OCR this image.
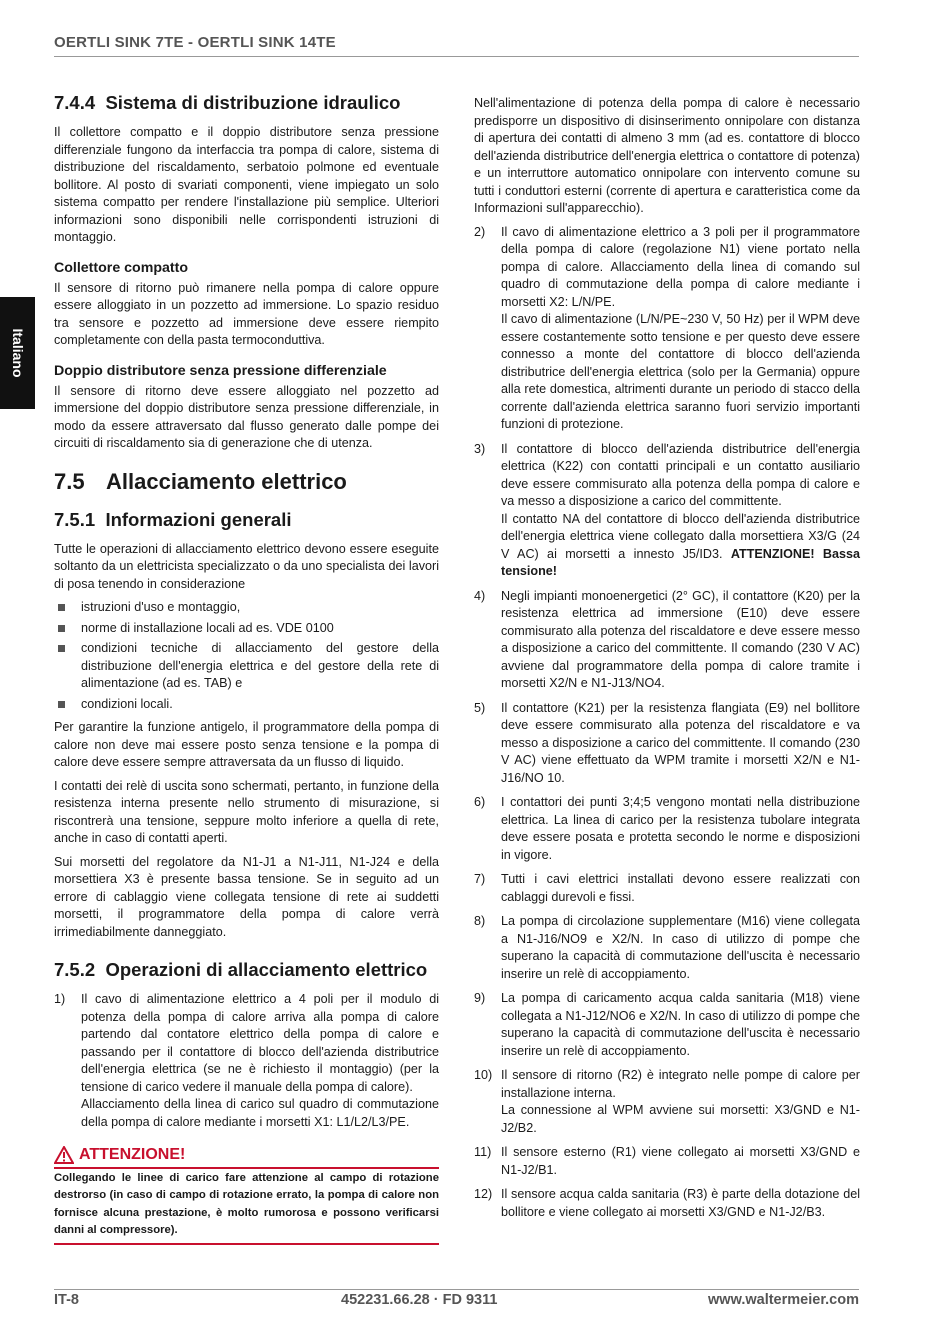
OERTLI SINK 7TE - OERTLI SINK 14TE
Italiano
7.4.4 Sistema di distribuzione idraulico

Il collettore compatto e il doppio distributore senza pressione differenziale fungono da interfaccia tra pompa di calore, sistema di distribuzione del riscaldamento, serbatoio polmone ed eventuale bollitore. Al posto di svariati componenti, viene impiegato un solo sistema compatto per rendere l'installazione più semplice. Ulteriori informazioni sono disponibili nelle corrispondenti istruzioni di montaggio.

Collettore compatto

Il sensore di ritorno può rimanere nella pompa di calore oppure essere alloggiato in un pozzetto ad immersione. Lo spazio residuo tra sensore e pozzetto ad immersione deve essere riempito completamente con della pasta termoconduttiva.

Doppio distributore senza pressione differenziale

Il sensore di ritorno deve essere alloggiato nel pozzetto ad immersione del doppio distributore senza pressione differenziale, in modo da essere attraversato dal flusso generato dalle pompe dei circuiti di riscaldamento sia di generazione che di utenza.

7.5 Allacciamento elettrico
7.5.1 Informazioni generali

Tutte le operazioni di allacciamento elettrico devono essere eseguite soltanto da un elettricista specializzato o da uno specialista dei lavori di posa tenendo in considerazione

istruzioni d'uso e montaggio,
norme di installazione locali ad es. VDE 0100
condizioni tecniche di allacciamento del gestore della distribuzione dell'energia elettrica e del gestore della rete di alimentazione (ad es. TAB) e
condizioni locali.

Per garantire la funzione antigelo, il programmatore della pompa di calore non deve mai essere posto senza tensione e la pompa di calore deve essere sempre attraversata da un flusso di liquido.

I contatti dei relè di uscita sono schermati, pertanto, in funzione della resistenza interna presente nello strumento di misurazione, si riscontrerà una tensione, seppure molto inferiore a quella di rete, anche in caso di contatti aperti.

Sui morsetti del regolatore da N1-J1 a N1-J11, N1-J24 e della morsettiera X3 è presente bassa tensione. Se in seguito ad un errore di cablaggio viene collegata tensione di rete ai suddetti morsetti, il programmatore della pompa di calore verrà irrimediabilmente danneggiato.

7.5.2 Operazioni di allacciamento elettrico
1) Il cavo di alimentazione elettrico a 4 poli per il modulo di potenza della pompa di calore arriva alla pompa di calore partendo dal contatore elettrico della pompa di calore e passando per il contattore di blocco dell'azienda distributrice dell'energia elettrica (se ne è richiesto il montaggio) (per la tensione di carico vedere il manuale della pompa di calore).
Allacciamento della linea di carico sul quadro di commutazione della pompa di calore mediante i morsetti X1: L1/L2/L3/PE.
ATTENZIONE!
Collegando le linee di carico fare attenzione al campo di rotazione destrorso (in caso di campo di rotazione errato, la pompa di calore non fornisce alcuna prestazione, è molto rumorosa e possono verificarsi danni al compressore).

Nell'alimentazione di potenza della pompa di calore è necessario predisporre un dispositivo di disinserimento onnipolare con distanza di apertura dei contatti di almeno 3 mm (ad es. contattore di blocco dell'azienda distributrice dell'energia elettrica o contattore di potenza) e un interruttore automatico onnipolare con intervento comune su tutti i conduttori esterni (corrente di apertura e caratteristica come da Informazioni sull'apparecchio).

2) Il cavo di alimentazione elettrico a 3 poli per il programmatore della pompa di calore (regolazione N1) viene portato nella pompa di calore. Allacciamento della linea di comando sul quadro di commutazione della pompa di calore mediante i morsetti X2: L/N/PE.
Il cavo di alimentazione (L/N/PE~230 V, 50 Hz) per il WPM deve essere costantemente sotto tensione e per questo deve essere connesso a monte del contattore di blocco dell'azienda distributrice dell'energia elettrica (solo per la Germania) oppure alla rete domestica, altrimenti durante un periodo di stacco della corrente dall'azienda elettrica saranno fuori servizio importanti funzioni di protezione.
3) Il contattore di blocco dell'azienda distributrice dell'energia elettrica (K22) con contatti principali e un contatto ausiliario deve essere commisurato alla potenza della pompa di calore e va messo a disposizione a carico del committente.
Il contatto NA del contattore di blocco dell'azienda distributrice dell'energia elettrica viene collegato dalla morsettiera X3/G (24 V AC) ai morsetti a innesto J5/ID3. ATTENZIONE! Bassa tensione!
4) Negli impianti monoenergetici (2° GC), il contattore (K20) per la resistenza elettrica ad immersione (E10) deve essere commisurato alla potenza del riscaldatore e deve essere messo a disposizione a carico del committente. Il comando (230 V AC) avviene dal programmatore della pompa di calore tramite i morsetti X2/N e N1-J13/NO4.
5) Il contattore (K21) per la resistenza flangiata (E9) nel bollitore deve essere commisurato alla potenza del riscaldatore e va messo a disposizione a carico del committente. Il comando (230 V AC) viene effettuato da WPM tramite i morsetti X2/N e N1-J16/NO 10.
6) I contattori dei punti 3;4;5 vengono montati nella distribuzione elettrica. La linea di carico per la resistenza tubolare integrata deve essere posata e protetta secondo le norme e disposizioni in vigore.
7) Tutti i cavi elettrici installati devono essere realizzati con cablaggi durevoli e fissi.
8) La pompa di circolazione supplementare (M16) viene collegata a N1-J16/NO9 e X2/N. In caso di utilizzo di pompe che superano la capacità di commutazione dell'uscita è necessario inserire un relè di accoppiamento.
9) La pompa di caricamento acqua calda sanitaria (M18) viene collegata a N1-J12/NO6 e X2/N. In caso di utilizzo di pompe che superano la capacità di commutazione dell'uscita è necessario inserire un relè di accoppiamento.
10) Il sensore di ritorno (R2) è integrato nelle pompe di calore per installazione interna.
La connessione al WPM avviene sui morsetti: X3/GND e N1-J2/B2.
11) Il sensore esterno (R1) viene collegato ai morsetti X3/GND e N1-J2/B1.
12) Il sensore acqua calda sanitaria (R3) è parte della dotazione del bollitore e viene collegato ai morsetti X3/GND e N1-J2/B3.
IT-8	452231.66.28 · FD 9311	www.waltermeier.com
